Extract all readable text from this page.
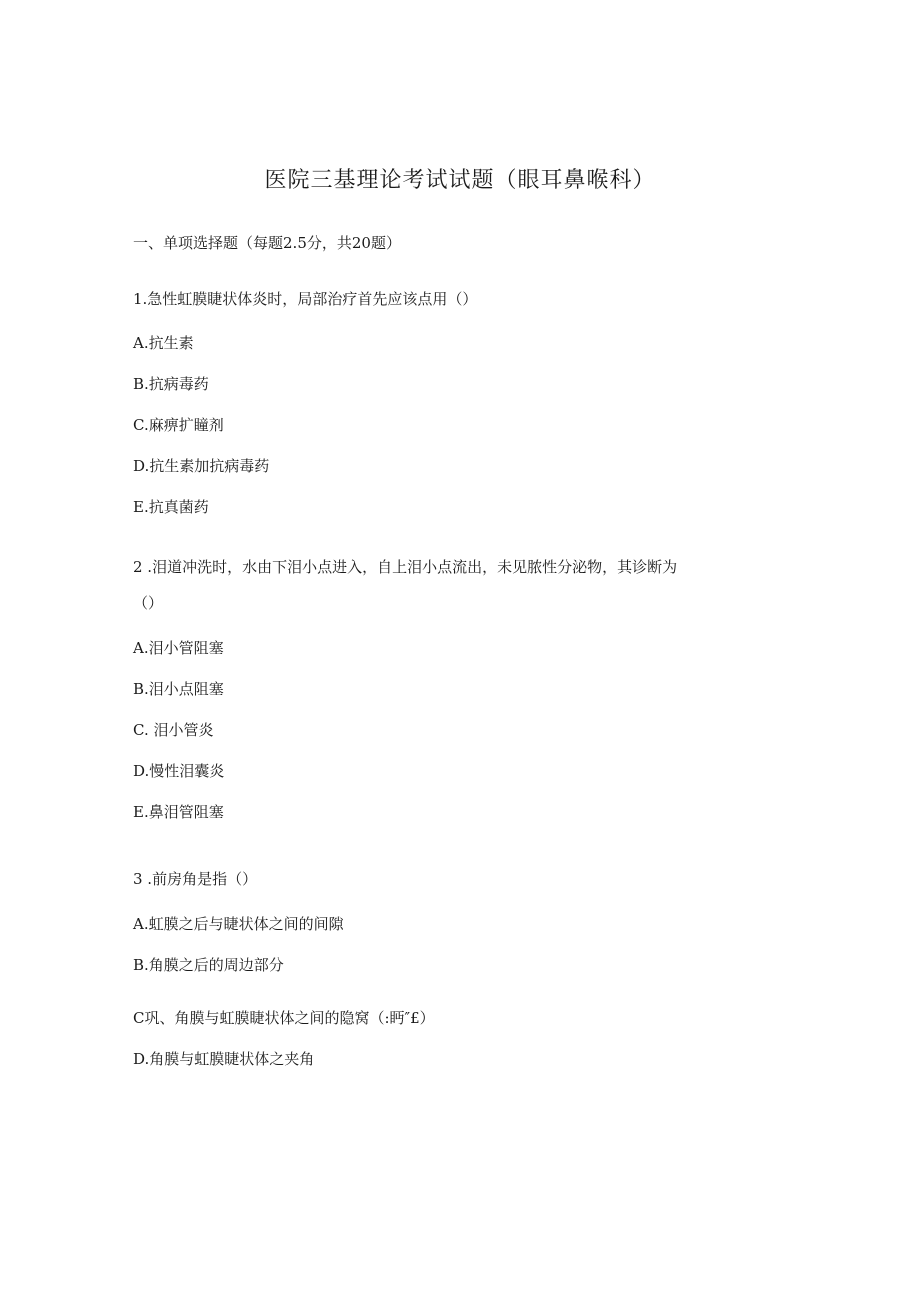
医院三基理论考试试题（眼耳鼻喉科）
一、单项选择题（每题2.5分，共20题）
1.急性虹膜睫状体炎时，局部治疗首先应该点用（）
A.抗生素
B.抗病毒药
C.麻痹扩瞳剂
D.抗生素加抗病毒药
E.抗真菌药
2 .泪道冲洗时，水由下泪小点进入，自上泪小点流出，未见脓性分泌物，其诊断为
（）
A.泪小管阻塞
B.泪小点阻塞
C. 泪小管炎
D.慢性泪囊炎
E.鼻泪管阻塞
3 .前房角是指（）
A.虹膜之后与睫状体之间的间隙
B.角膜之后的周边部分
C巩、角膜与虹膜睫状体之间的隐窝（:眄″£）
D.角膜与虹膜睫状体之夹角
